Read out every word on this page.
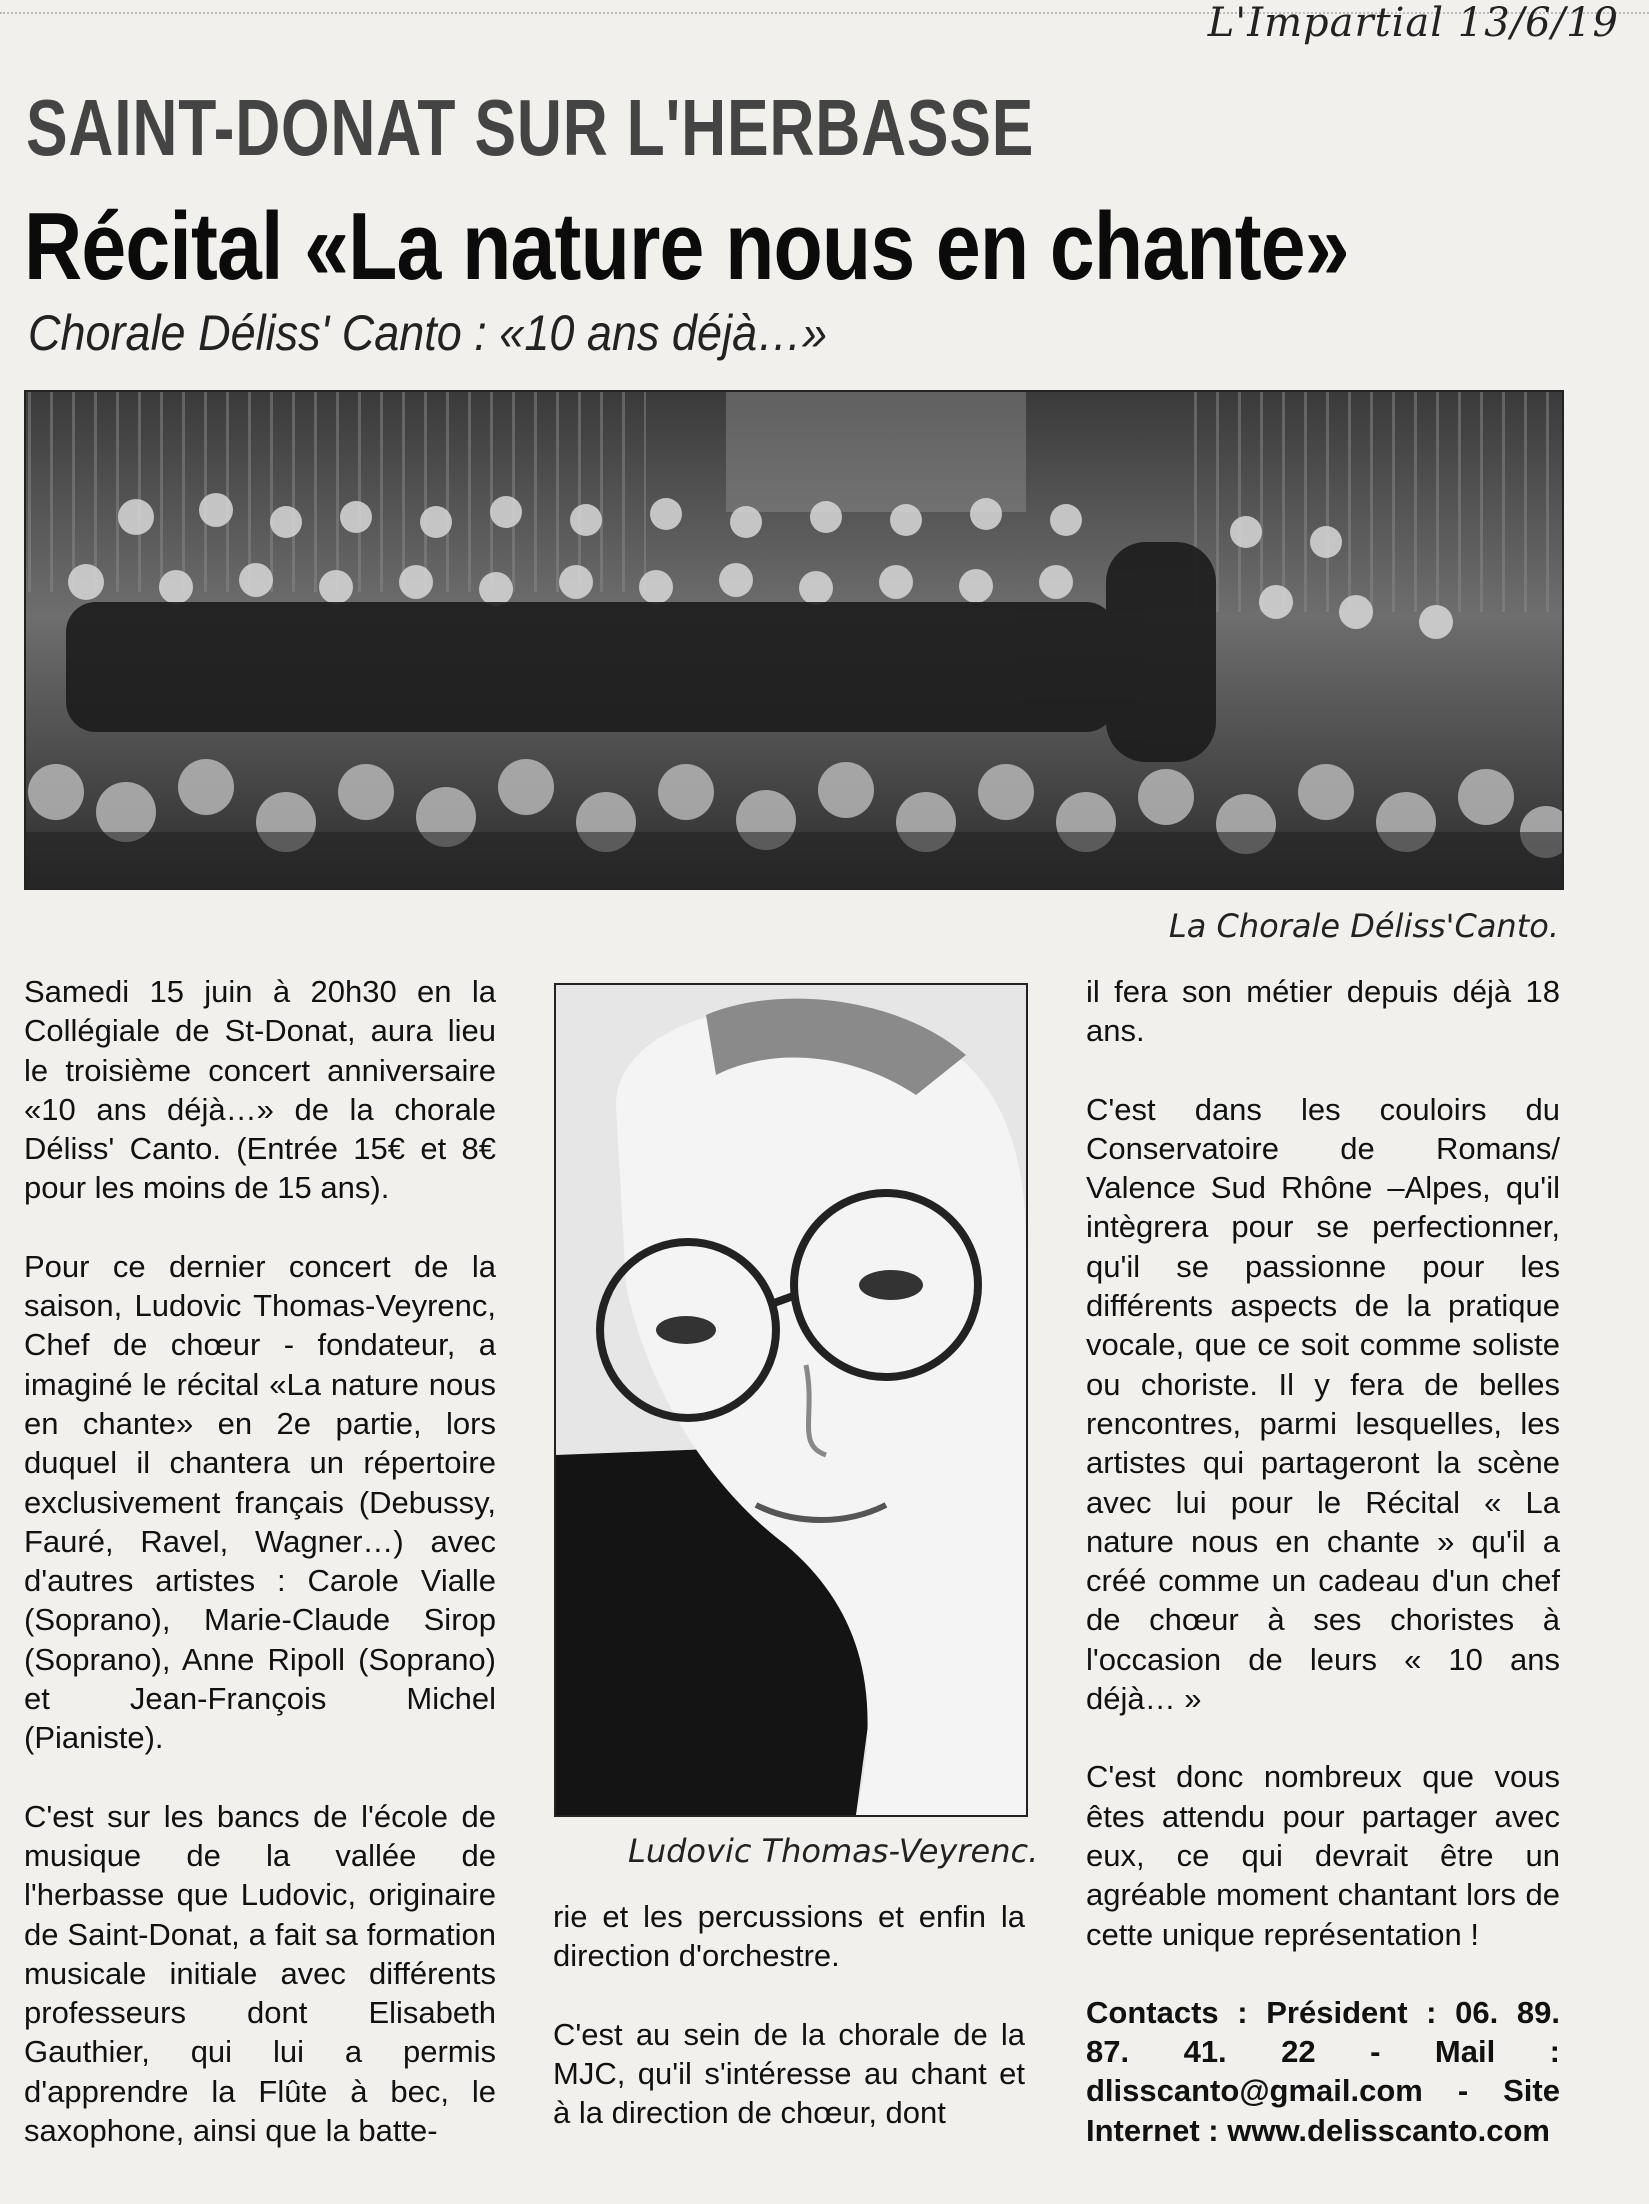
L'Impartial 13/6/19
SAINT-DONAT SUR L'HERBASSE
Récital «La nature nous en chante»
Chorale Déliss' Canto : «10 ans déjà…»
La Chorale Déliss'Canto.

Samedi 15 juin à 20h30 en la Collégiale de St-Donat, aura lieu le troisième concert anniversaire «10 ans déjà…» de la chorale Déliss' Canto. (Entrée 15€ et 8€ pour les moins de 15 ans).

Pour ce dernier concert de la saison, Ludovic Thomas-Veyrenc, Chef de chœur - fondateur, a imaginé le récital «La nature nous en chante» en 2e partie, lors duquel il chantera un répertoire exclusivement français (Debussy, Fauré, Ravel, Wagner…) avec d'autres artistes : Carole Vialle (Soprano), Marie-Claude Sirop (Soprano), Anne Ripoll (Soprano) et Jean-François Michel (Pianiste).

C'est sur les bancs de l'école de musique de la vallée de l'herbasse que Ludovic, originaire de Saint-Donat, a fait sa formation musicale initiale avec différents professeurs dont Elisabeth Gauthier, qui lui a permis d'apprendre la Flûte à bec, le saxophone, ainsi que la batte-

Ludovic Thomas-Veyrenc.

rie et les percussions et enfin la direction d'orchestre.

C'est au sein de la chorale de la MJC, qu'il s'intéresse au chant et à la direction de chœur, dont

il fera son métier depuis déjà 18 ans.

C'est dans les couloirs du Conservatoire de Romans/ Valence Sud Rhône –Alpes, qu'il intègrera pour se perfectionner, qu'il se passionne pour les différents aspects de la pratique vocale, que ce soit comme soliste ou choriste. Il y fera de belles rencontres, parmi lesquelles, les artistes qui partageront la scène avec lui pour le Récital « La nature nous en chante » qu'il a créé comme un cadeau d'un chef de chœur à ses choristes à l'occasion de leurs « 10 ans déjà… »

C'est donc nombreux que vous êtes attendu pour partager avec eux, ce qui devrait être un agréable moment chantant lors de cette unique représentation !

Contacts : Président : 06. 89. 87. 41. 22 - Mail : dlisscanto@gmail.com - Site Internet : www.delisscanto.com
